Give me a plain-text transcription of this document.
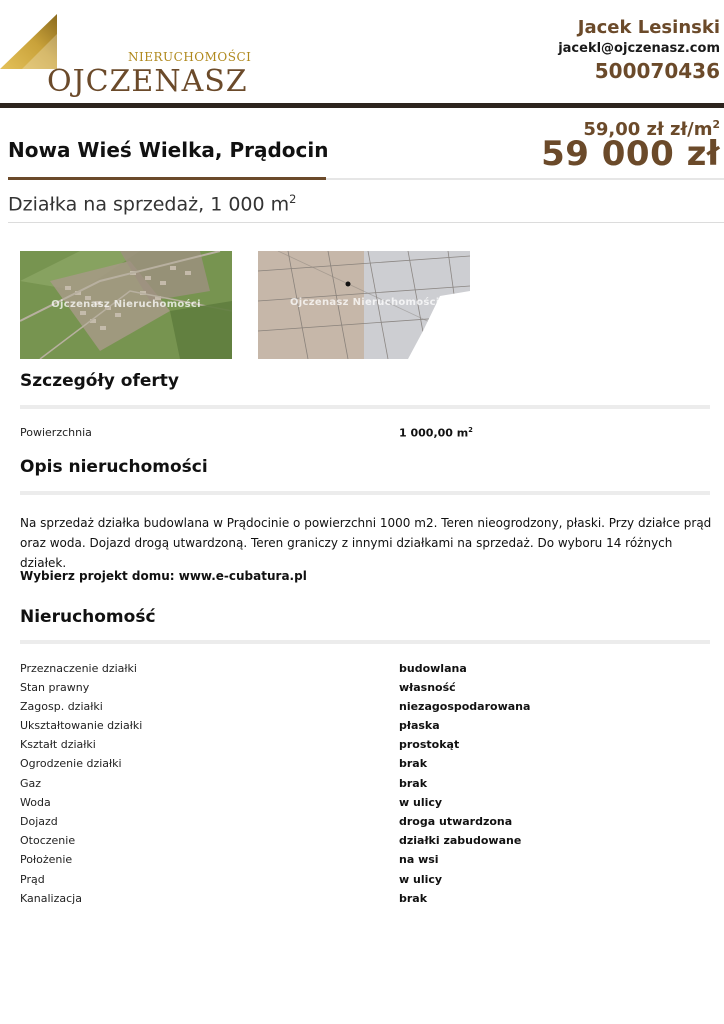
NIERUCHOMOŚCI
OJCZENASZ
Jacek Lesinski
jacekl@ojczenasz.com
500070436
Nowa Wieś Wielka, Prądocin
59,00 zł $zł/m^2$
59 000 zł
Działka na sprzedaż, 1 000 $m^2$
Ojczenasz Nieruchomości	Ojczenasz Nieruchomości
Szczegóły oferty
Powierzchnia	1 000,00 $m^2$
Opis nieruchomości
Na sprzedaż działka budowlana w Prądocinie o powierzchni 1000 m2. Teren nieogrodzony, płaski. Przy działce prąd oraz woda. Dojazd drogą utwardzoną. Teren graniczy z innymi działkami na sprzedaż. Do wyboru 14 różnych działek.
Wybierz projekt domu: www.e-cubatura.pl
Nieruchomość
Przeznaczenie działki	budowlana
Stan prawny	własność
Zagosp. działki	niezagospodarowana
Ukształtowanie działki	płaska
Kształt działki	prostokąt
Ogrodzenie działki	brak
Gaz	brak
Woda	w ulicy
Dojazd	droga utwardzona
Otoczenie	działki zabudowane
Położenie	na wsi
Prąd	w ulicy
Kanalizacja	brak
